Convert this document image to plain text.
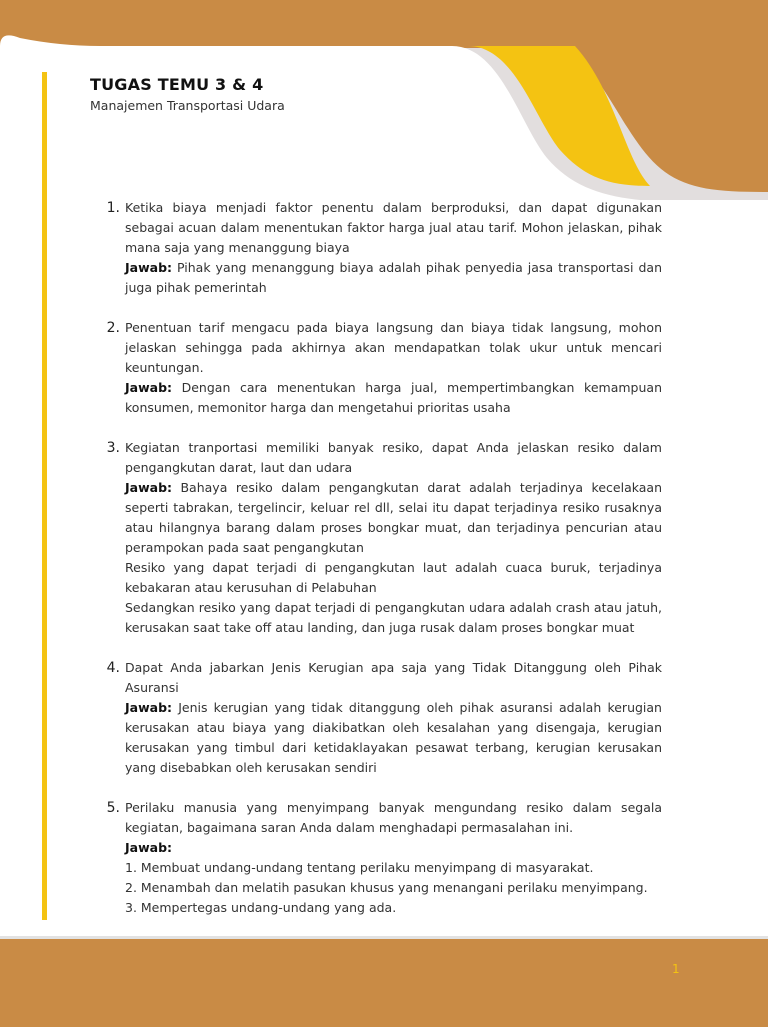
TUGAS TEMU 3 & 4
Manajemen Transportasi Udara
1. Ketika biaya menjadi faktor penentu dalam berproduksi, dan dapat digunakan sebagai acuan dalam menentukan faktor harga jual atau tarif. Mohon jelaskan, pihak mana saja yang menanggung biaya

Jawab: Pihak yang menanggung biaya adalah pihak penyedia jasa transportasi dan juga pihak pemerintah

2. Penentuan tarif mengacu pada biaya langsung dan biaya tidak langsung, mohon jelaskan sehingga pada akhirnya akan mendapatkan tolak ukur untuk mencari keuntungan.

Jawab: Dengan cara menentukan harga jual, mempertimbangkan kemampuan konsumen, memonitor harga dan mengetahui prioritas usaha

3. Kegiatan tranportasi memiliki banyak resiko, dapat Anda jelaskan resiko dalam pengangkutan darat, laut dan udara

Jawab: Bahaya resiko dalam pengangkutan darat adalah terjadinya kecelakaan seperti tabrakan, tergelincir, keluar rel dll, selai itu dapat terjadinya resiko rusaknya atau hilangnya barang dalam proses bongkar muat, dan terjadinya pencurian atau perampokan pada saat pengangkutan

Resiko yang dapat terjadi di pengangkutan laut adalah cuaca buruk, terjadinya kebakaran atau kerusuhan di Pelabuhan

Sedangkan resiko yang dapat terjadi di pengangkutan udara adalah crash atau jatuh, kerusakan saat take off atau landing, dan juga rusak dalam proses bongkar muat

4. Dapat Anda jabarkan Jenis Kerugian apa saja yang Tidak Ditanggung oleh Pihak Asuransi

Jawab: Jenis kerugian yang tidak ditanggung oleh pihak asuransi adalah kerugian kerusakan atau biaya yang diakibatkan oleh kesalahan yang disengaja, kerugian kerusakan yang timbul dari ketidaklayakan pesawat terbang, kerugian kerusakan yang disebabkan oleh kerusakan sendiri

5. Perilaku manusia yang menyimpang banyak mengundang resiko dalam segala kegiatan, bagaimana saran Anda dalam menghadapi permasalahan ini.

Jawab:

1. Membuat undang-undang tentang perilaku menyimpang di masyarakat.

2. Menambah dan melatih pasukan khusus yang menangani perilaku menyimpang.

3. Mempertegas undang-undang yang ada.

1
